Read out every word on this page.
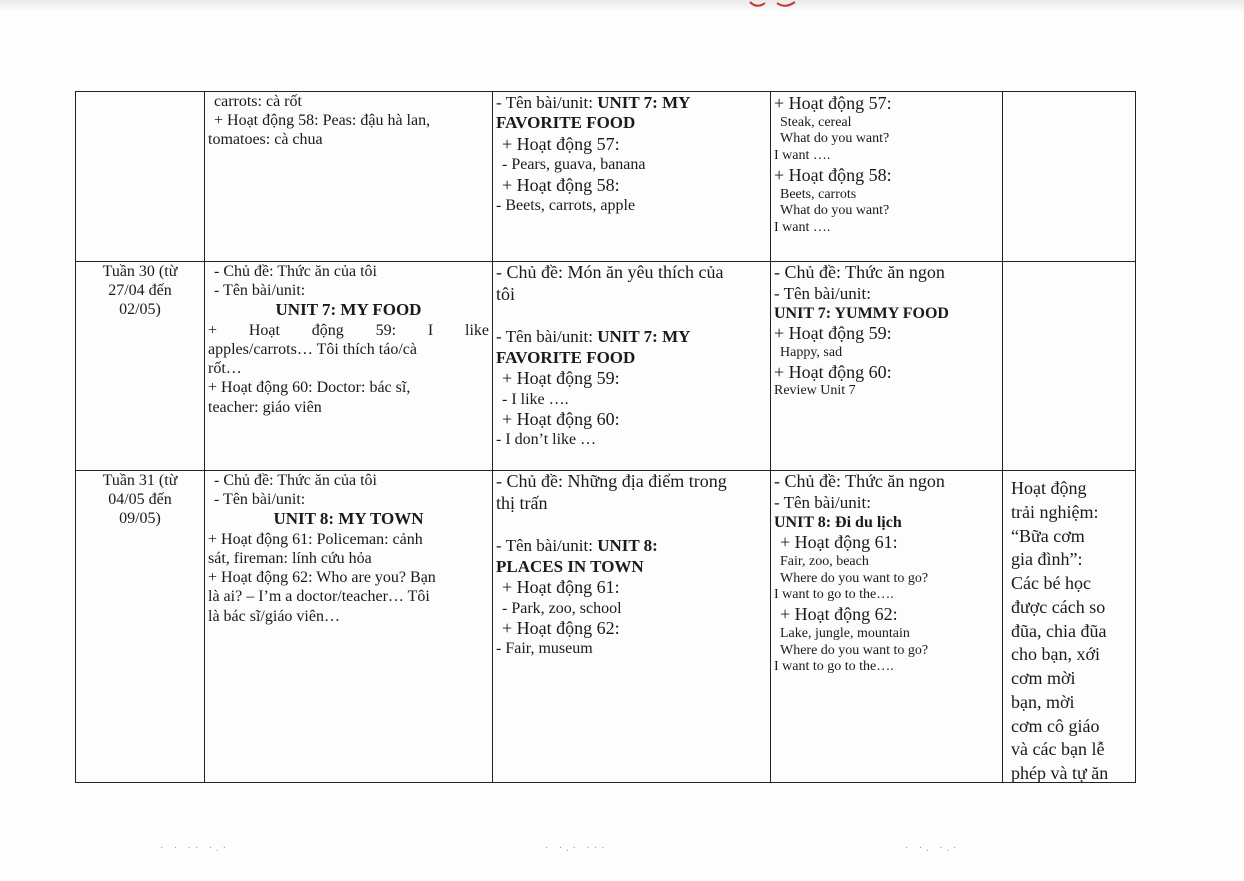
carrots: cà rốt
+ Hoạt động 58: Peas: đậu hà lan,
tomatoes: cà chua
- Tên bài/unit: UNIT 7: MY
FAVORITE FOOD
+ Hoạt động 57:
- Pears, guava, banana
+ Hoạt động 58:
- Beets, carrots, apple
+ Hoạt động 57:
Steak, cereal
What do you want?
I want ….
+ Hoạt động 58:
Beets, carrots
What do you want?
I want ….
Tuần 30 (từ
27/04 đến
02/05)
- Chủ đề: Thức ăn của tôi
- Tên bài/unit:
UNIT 7: MY FOOD
+ Hoạt động 59: I like
apples/carrots… Tôi thích táo/cà
rốt…
+ Hoạt động 60: Doctor: bác sĩ,
teacher: giáo viên
- Chủ đề: Món ăn yêu thích của
tôi
- Tên bài/unit: UNIT 7: MY
FAVORITE FOOD
+ Hoạt động 59:
- I like ….
+ Hoạt động 60:
- I don’t like …
- Chủ đề: Thức ăn ngon
- Tên bài/unit:
UNIT 7: YUMMY FOOD
+ Hoạt động 59:
Happy, sad
+ Hoạt động 60:
Review Unit 7
Tuần 31 (từ
04/05 đến
09/05)
- Chủ đề: Thức ăn của tôi
- Tên bài/unit:
UNIT 8: MY TOWN
+ Hoạt động 61: Policeman: cảnh
sát, fireman: lính cứu hỏa
+ Hoạt động 62: Who are you? Bạn
là ai? – I’m a doctor/teacher… Tôi
là bác sĩ/giáo viên…
- Chủ đề: Những địa điểm trong
thị trấn
- Tên bài/unit: UNIT 8:
PLACES IN TOWN
+ Hoạt động 61:
- Park, zoo, school
+ Hoạt động 62:
- Fair, museum
- Chủ đề: Thức ăn ngon
- Tên bài/unit:
UNIT 8: Đi du lịch
+ Hoạt động 61:
Fair, zoo, beach
Where do you want to go?
I want to go to the….
+ Hoạt động 62:
Lake, jungle, mountain
Where do you want to go?
I want to go to the….
Hoạt động
trải nghiệm:
“Bữa cơm
gia đình”:
Các bé học
được cách so
đũa, chia đũa
cho bạn, xới
cơm mời
bạn, mời
cơm cô giáo
và các bạn lễ
phép và tự ăn
· · ·· ·.·	· ·.· ···	· ·. ·.·
